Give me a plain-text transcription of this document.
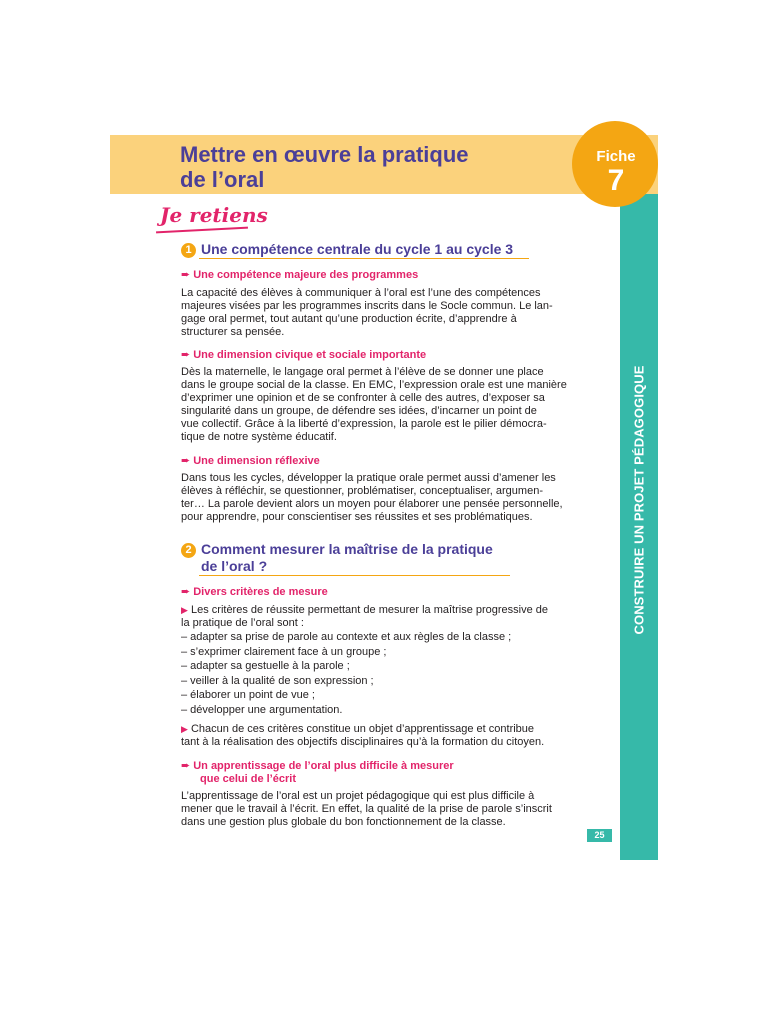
Mettre en œuvre la pratique
de l’oral
Fiche
7
CONSTRUIRE UN PROJET PÉDAGOGIQUE
Je retiens
1 Une compétence centrale du cycle 1 au cycle 3
➨ Une compétence majeure des programmes

La capacité des élèves à communiquer à l’oral est l’une des compétences

majeures visées par les programmes inscrits dans le Socle commun. Le lan-

gage oral permet, tout autant qu’une production écrite, d’apprendre à

structurer sa pensée.

➨ Une dimension civique et sociale importante

Dès la maternelle, le langage oral permet à l’élève de se donner une place

dans le groupe social de la classe. En EMC, l’expression orale est une manière

d’exprimer une opinion et de se confronter à celle des autres, d’exposer sa

singularité dans un groupe, de défendre ses idées, d’incarner un point de

vue collectif. Grâce à la liberté d’expression, la parole est le pilier démocra-

tique de notre système éducatif.

➨ Une dimension réflexive

Dans tous les cycles, développer la pratique orale permet aussi d’amener les

élèves à réfléchir, se questionner, problématiser, conceptualiser, argumen-

ter… La parole devient alors un moyen pour élaborer une pensée personnelle,

pour apprendre, pour conscientiser ses réussites et ses problématiques.

2 Comment mesurer la maîtrise de la pratique
de l’oral ?
➨ Divers critères de mesure

▶ Les critères de réussite permettant de mesurer la maîtrise progressive de

la pratique de l’oral sont :

– adapter sa prise de parole au contexte et aux règles de la classe ;

– s’exprimer clairement face à un groupe ;

– adapter sa gestuelle à la parole ;

– veiller à la qualité de son expression ;

– élaborer un point de vue ;

– développer une argumentation.

▶ Chacun de ces critères constitue un objet d’apprentissage et contribue

tant à la réalisation des objectifs disciplinaires qu’à la formation du citoyen.

➨ Un apprentissage de l’oral plus difficile à mesurer
que celui de l’écrit

L’apprentissage de l’oral est un projet pédagogique qui est plus difficile à

mener que le travail à l’écrit. En effet, la qualité de la prise de parole s’inscrit

dans une gestion plus globale du bon fonctionnement de la classe.

25
